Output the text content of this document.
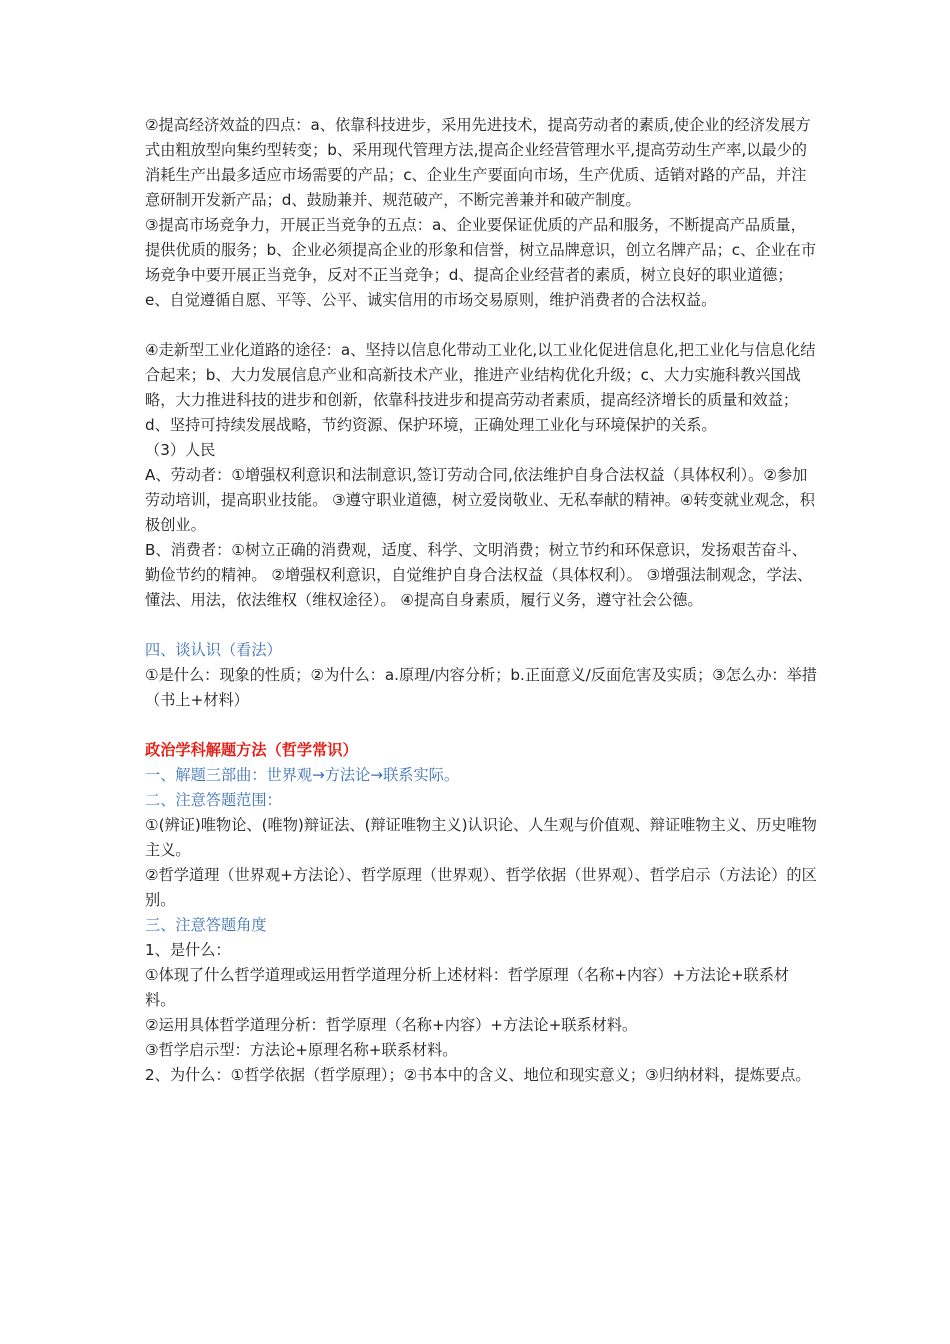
②提高经济效益的四点：a、依靠科技进步，采用先进技术，提高劳动者的素质,使企业的经济发展方式由粗放型向集约型转变；b、采用现代管理方法,提高企业经营管理水平,提高劳动生产率,以最少的消耗生产出最多适应市场需要的产品；c、企业生产要面向市场，生产优质、适销对路的产品，并注意研制开发新产品；d、鼓励兼并、规范破产，不断完善兼并和破产制度。

③提高市场竞争力，开展正当竞争的五点：a、企业要保证优质的产品和服务，不断提高产品质量，提供优质的服务；b、企业必须提高企业的形象和信誉，树立品牌意识，创立名牌产品；c、企业在市场竞争中要开展正当竞争，反对不正当竞争；d、提高企业经营者的素质，树立良好的职业道德；e、自觉遵循自愿、平等、公平、诚实信用的市场交易原则，维护消费者的合法权益。

④走新型工业化道路的途径：a、坚持以信息化带动工业化,以工业化促进信息化,把工业化与信息化结合起来；b、大力发展信息产业和高新技术产业，推进产业结构优化升级；c、大力实施科教兴国战略，大力推进科技的进步和创新，依靠科技进步和提高劳动者素质，提高经济增长的质量和效益；d、坚持可持续发展战略，节约资源、保护环境，正确处理工业化与环境保护的关系。

（3）人民

A、劳动者：①增强权利意识和法制意识,签订劳动合同,依法维护自身合法权益（具体权利）。②参加劳动培训，提高职业技能。 ③遵守职业道德，树立爱岗敬业、无私奉献的精神。④转变就业观念，积极创业。

B、消费者：①树立正确的消费观，适度、科学、文明消费；树立节约和环保意识，发扬艰苦奋斗、勤俭节约的精神。 ②增强权利意识，自觉维护自身合法权益（具体权利）。 ③增强法制观念，学法、懂法、用法，依法维权（维权途径）。 ④提高自身素质，履行义务，遵守社会公德。

四、谈认识（看法）

①是什么：现象的性质；②为什么：a.原理/内容分析；b.正面意义/反面危害及实质；③怎么办：举措（书上+材料）

政治学科解题方法（哲学常识）

一、解题三部曲：世界观→方法论→联系实际。

二、注意答题范围：

①(辨证)唯物论、(唯物)辩证法、(辩证唯物主义)认识论、人生观与价值观、辩证唯物主义、历史唯物主义。

②哲学道理（世界观+方法论）、哲学原理（世界观）、哲学依据（世界观）、哲学启示（方法论）的区别。

三、注意答题角度

1、是什么：

①体现了什么哲学道理或运用哲学道理分析上述材料：哲学原理（名称+内容）+方法论+联系材料。

②运用具体哲学道理分析：哲学原理（名称+内容）+方法论+联系材料。

③哲学启示型：方法论+原理名称+联系材料。

2、为什么：①哲学依据（哲学原理）；②书本中的含义、地位和现实意义；③归纳材料，提炼要点。
